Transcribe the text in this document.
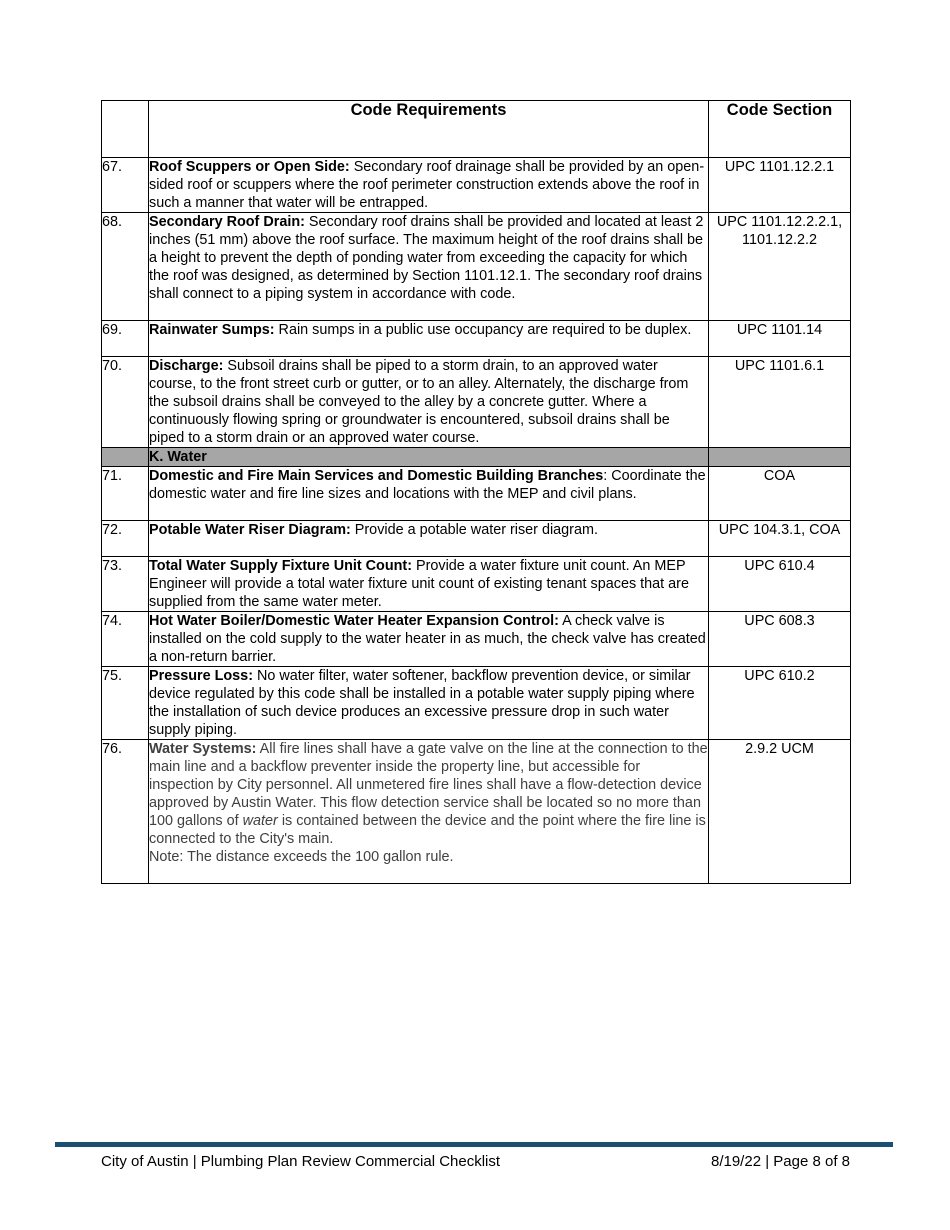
	Code Requirements	Code Section
67.	Roof Scuppers or Open Side: Secondary roof drainage shall be provided by an open-sided roof or scuppers where the roof perimeter construction extends above the roof in such a manner that water will be entrapped.	UPC 1101.12.2.1
68.	Secondary Roof Drain: Secondary roof drains shall be provided and located at least 2 inches (51 mm) above the roof surface. The maximum height of the roof drains shall be a height to prevent the depth of ponding water from exceeding the capacity for which the roof was designed, as determined by Section 1101.12.1. The secondary roof drains shall connect to a piping system in accordance with code.	UPC 1101.12.2.2.1, 1101.12.2.2
69.	Rainwater Sumps: Rain sumps in a public use occupancy are required to be duplex.	UPC 1101.14
70.	Discharge: Subsoil drains shall be piped to a storm drain, to an approved water course, to the front street curb or gutter, or to an alley. Alternately, the discharge from the subsoil drains shall be conveyed to the alley by a concrete gutter. Where a continuously flowing spring or groundwater is encountered, subsoil drains shall be piped to a storm drain or an approved water course.	UPC 1101.6.1
	K. Water	
71.	Domestic and Fire Main Services and Domestic Building Branches: Coordinate the domestic water and fire line sizes and locations with the MEP and civil plans.	COA
72.	Potable Water Riser Diagram: Provide a potable water riser diagram.	UPC 104.3.1, COA
73.	Total Water Supply Fixture Unit Count: Provide a water fixture unit count. An MEP Engineer will provide a total water fixture unit count of existing tenant spaces that are supplied from the same water meter.	UPC 610.4
74.	Hot Water Boiler/Domestic Water Heater Expansion Control: A check valve is installed on the cold supply to the water heater in as much, the check valve has created a non-return barrier.	UPC 608.3
75.	Pressure Loss: No water filter, water softener, backflow prevention device, or similar device regulated by this code shall be installed in a potable water supply piping where the installation of such device produces an excessive pressure drop in such water supply piping.	UPC 610.2
76.	Water Systems: All fire lines shall have a gate valve on the line at the connection to the main line and a backflow preventer inside the property line, but accessible for inspection by City personnel. All unmetered fire lines shall have a flow-detection device approved by Austin Water. This flow detection service shall be located so no more than 100 gallons of water is contained between the device and the point where the fire line is connected to the City's main.
Note: The distance exceeds the 100 gallon rule.	2.9.2 UCM
City of Austin | Plumbing Plan Review Commercial Checklist	8/19/22 | Page 8 of 8
